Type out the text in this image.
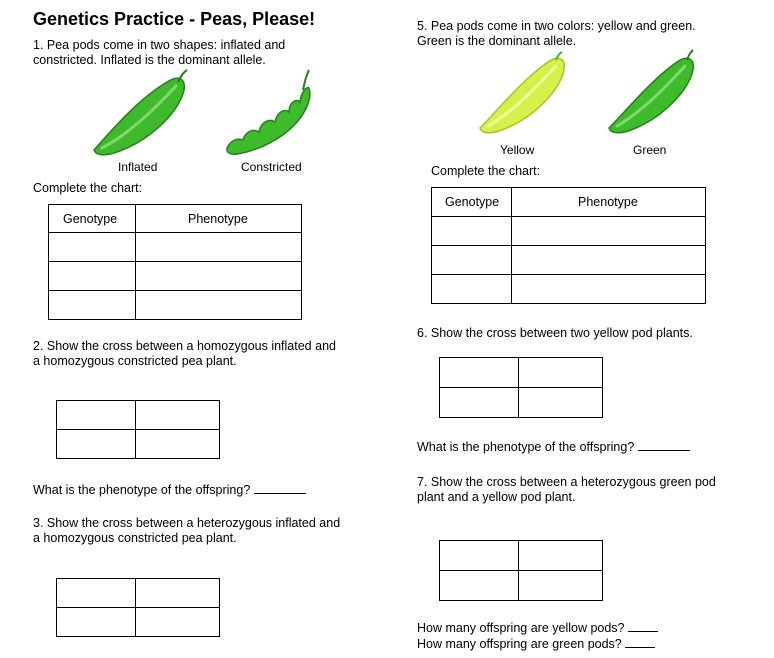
Genetics Practice - Peas, Please!
1. Pea pods come in two shapes: inflated and
constricted. Inflated is the dominant allele.
Inflated	Constricted
Complete the chart:
Genotype	Phenotype

2. Show the cross between a homozygous inflated and
a homozygous constricted pea plant.

What is the phenotype of the offspring?
3. Show the cross between a heterozygous inflated and
a homozygous constricted pea plant.

5. Pea pods come in two colors: yellow and green.
Green is the dominant allele.
Yellow	Green
Complete the chart:
Genotype	Phenotype

6. Show the cross between two yellow pod plants.

What is the phenotype of the offspring?
7. Show the cross between a heterozygous green pod
plant and a yellow pod plant.

How many offspring are yellow pods?
How many offspring are green pods?
